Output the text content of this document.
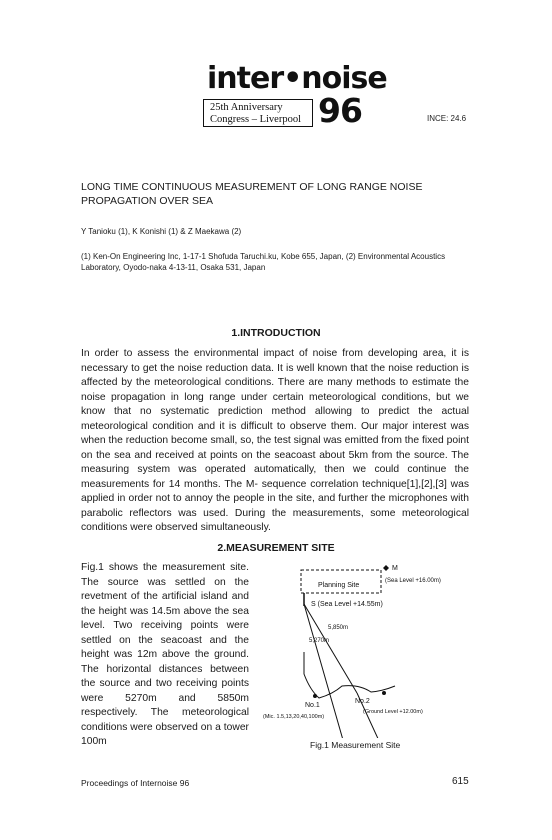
inter•noise
25th Anniversary
Congress – Liverpool 96	INCE: 24.6
LONG TIME CONTINUOUS MEASUREMENT OF LONG RANGE NOISE PROPAGATION OVER SEA
Y Tanioku (1), K Konishi (1) & Z Maekawa (2)
(1) Ken-On Engineering Inc, 1-17-1 Shofuda Taruchi.ku, Kobe 655, Japan, (2) Environmental Acoustics Laboratory, Oyodo-naka 4-13-11, Osaka 531, Japan
1.INTRODUCTION
In order to assess the environmental impact of noise from developing area, it is necessary to get the noise reduction data. It is well known that the noise reduction is affected by the meteorological conditions. There are many methods to estimate the noise propagation in long range under certain meteorological conditions, but we know that no systematic prediction method allowing to predict the actual meteorological condition and it is difficult to observe them. Our major interest was when the reduction become small, so, the test signal was emitted from the fixed point on the sea and received at points on the seacoast about 5km from the source. The measuring system was operated automatically, then we could continue the measurements for 14 months. The M- sequence correlation technique[1],[2],[3] was applied in order not to annoy the people in the site, and further the microphones with parabolic reflectors was used. During the measurements, some meteorological conditions were observed simultaneously.
2.MEASUREMENT SITE
Fig.1 shows the measurement site. The source was settled on the revetment of the artificial island and the height was 14.5m above the sea level. Two receiving points were settled on the seacoast and the height was 12m above the ground. The horizontal distances between the source and two receiving points were 5270m and 5850m respectively. The meteorological conditions were observed on a tower 100m
Planning Site
M
(Sea Level +16.00m)
S (Sea Level +14.55m)
5,850m
5,270m
No.1
No.2
(Ground Level +12.00m)
(Mic. 1.5,13,20,40,100m)
Fig.1 Measurement Site
Proceedings of Internoise 96	615
